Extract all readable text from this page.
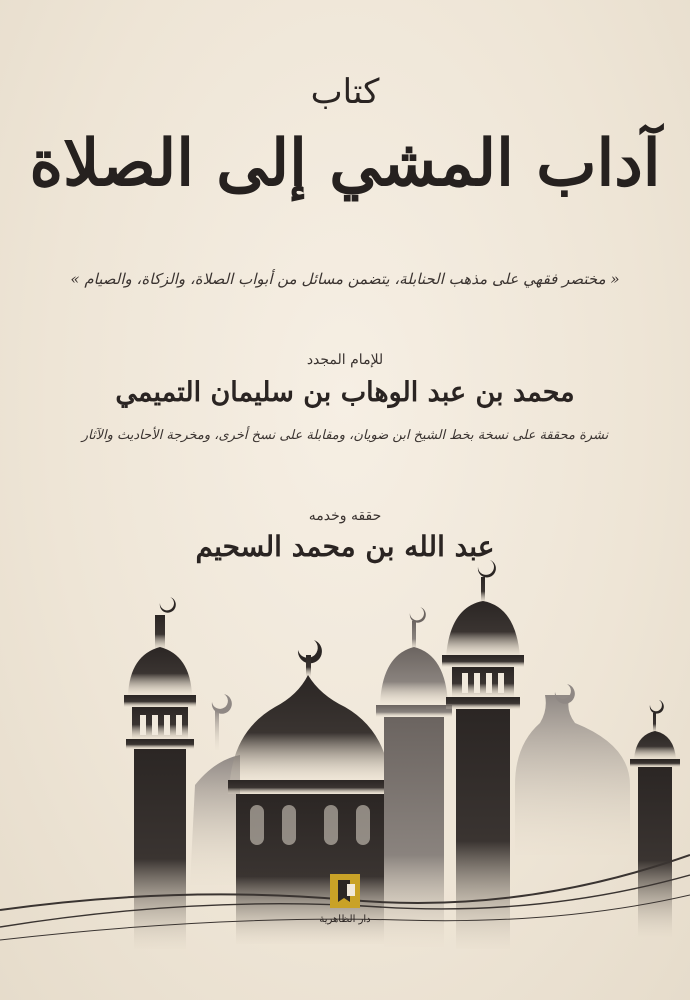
كتاب
آداب المشي إلى الصلاة
« مختصر فقهي على مذهب الحنابلة، يتضمن مسائل من أبواب الصلاة، والزكاة، والصيام »
للإمام المجدد
محمد بن عبد الوهاب بن سليمان التميمي
نشرة محققة على نسخة بخط الشيخ ابن ضويان، ومقابلة على نسخ أخرى، ومخرجة الأحاديث والآثار
حققه وخدمه
عبد الله بن محمد السحيم
دار الظاهرية
